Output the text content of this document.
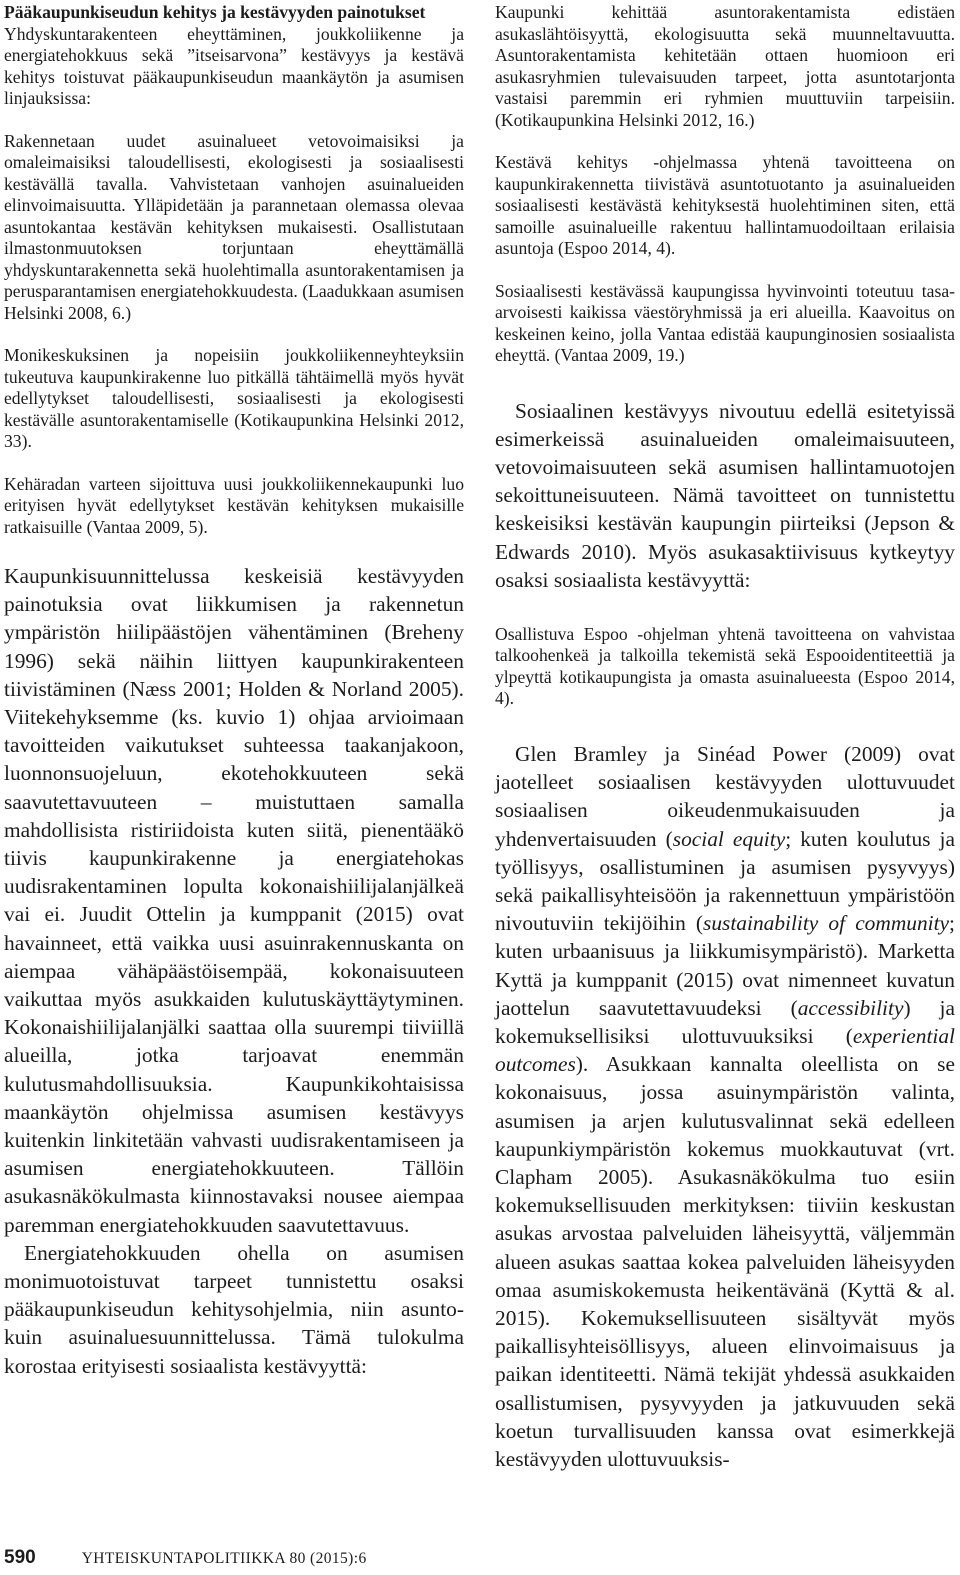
Pääkaupunkiseudun kehitys ja kestävyyden painotukset

Yhdyskuntarakenteen eheyttäminen, joukkoliikenne ja energiatehokkuus sekä ”itseisarvona” kestävyys ja kestävä kehitys toistuvat pääkaupunkiseudun maankäytön ja asumisen linjauksissa:

Rakennetaan uudet asuinalueet vetovoimaisiksi ja omaleimaisiksi taloudellisesti, ekologisesti ja sosiaalisesti kestävällä tavalla. Vahvistetaan vanhojen asuinalueiden elinvoimaisuutta. Ylläpidetään ja parannetaan olemassa olevaa asuntokantaa kestävän kehityksen mukaisesti. Osallistutaan ilmastonmuutoksen torjuntaan eheyttämällä yhdyskuntarakennetta sekä huolehtimalla asuntorakentamisen ja perusparantamisen energiatehokkuudesta. (Laadukkaan asumisen Helsinki 2008, 6.)

Monikeskuksinen ja nopeisiin joukkoliikenneyhteyksiin tukeutuva kaupunkirakenne luo pitkällä tähtäimellä myös hyvät edellytykset taloudellisesti, sosiaalisesti ja ekologisesti kestävälle asuntorakentamiselle (Kotikaupunkina Helsinki 2012, 33).

Kehäradan varteen sijoittuva uusi joukkoliikennekaupunki luo erityisen hyvät edellytykset kestävän kehityksen mukaisille ratkaisuille (Vantaa 2009, 5).

Kaupunkisuunnittelussa keskeisiä kestävyyden painotuksia ovat liikkumisen ja rakennetun ympäristön hiilipäästöjen vähentäminen (Breheny 1996) sekä näihin liittyen kaupunkirakenteen tiivistäminen (Næss 2001; Holden & Norland 2005). Viitekehyksemme (ks. kuvio 1) ohjaa arvioimaan tavoitteiden vaikutukset suhteessa taakanjakoon, luonnonsuojeluun, ekotehokkuuteen sekä saavutettavuuteen – muistuttaen samalla mahdollisista ristiriidoista kuten siitä, pienentääkö tiivis kaupunkirakenne ja energiatehokas uudisrakentaminen lopulta kokonaishiilijalanjälkeä vai ei. Juudit Ottelin ja kumppanit (2015) ovat havainneet, että vaikka uusi asuinrakennuskanta on aiempaa vähäpäästöisempää, kokonaisuuteen vaikuttaa myös asukkaiden kulutuskäyttäytyminen. Kokonaishiilijalanjälki saattaa olla suurempi tiiviillä alueilla, jotka tarjoavat enemmän kulutusmahdollisuuksia. Kaupunkikohtaisissa maankäytön ohjelmissa asumisen kestävyys kuitenkin linkitetään vahvasti uudisrakentamiseen ja asumisen energiatehokkuuteen. Tällöin asukasnäkökulmasta kiinnostavaksi nousee aiempaa paremman energiatehokkuuden saavutettavuus.

Energiatehokkuuden ohella on asumisen monimuotoistuvat tarpeet tunnistettu osaksi pääkaupunkiseudun kehitysohjelmia, niin asunto- kuin asuinaluesuunnittelussa. Tämä tulokulma korostaa erityisesti sosiaalista kestävyyttä:

Kaupunki kehittää asuntorakentamista edistäen asukaslähtöisyyttä, ekologisuutta sekä muunneltavuutta. Asuntorakentamista kehitetään ottaen huomioon eri asukasryhmien tulevaisuuden tarpeet, jotta asuntotarjonta vastaisi paremmin eri ryhmien muuttuviin tarpeisiin. (Kotikaupunkina Helsinki 2012, 16.)

Kestävä kehitys -ohjelmassa yhtenä tavoitteena on kaupunkirakennetta tiivistävä asuntotuotanto ja asuinalueiden sosiaalisesti kestävästä kehityksestä huolehtiminen siten, että samoille asuinalueille rakentuu hallintamuodoiltaan erilaisia asuntoja (Espoo 2014, 4).

Sosiaalisesti kestävässä kaupungissa hyvinvointi toteutuu tasa-arvoisesti kaikissa väestöryhmissä ja eri alueilla. Kaavoitus on keskeinen keino, jolla Vantaa edistää kaupunginosien sosiaalista eheyttä. (Vantaa 2009, 19.)

Sosiaalinen kestävyys nivoutuu edellä esitetyissä esimerkeissä asuinalueiden omaleimaisuuteen, vetovoimaisuuteen sekä asumisen hallintamuotojen sekoittuneisuuteen. Nämä tavoitteet on tunnistettu keskeisiksi kestävän kaupungin piirteiksi (Jepson & Edwards 2010). Myös asukasaktiivisuus kytkeytyy osaksi sosiaalista kestävyyttä:

Osallistuva Espoo -ohjelman yhtenä tavoitteena on vahvistaa talkoohenkeä ja talkoilla tekemistä sekä Espooidentiteettiä ja ylpeyttä kotikaupungista ja omasta asuinalueesta (Espoo 2014, 4).

Glen Bramley ja Sinéad Power (2009) ovat jaotelleet sosiaalisen kestävyyden ulottuvuudet sosiaalisen oikeudenmukaisuuden ja yhdenvertaisuuden (social equity; kuten koulutus ja työllisyys, osallistuminen ja asumisen pysyvyys) sekä paikallisyhteisöön ja rakennettuun ympäristöön nivoutuviin tekijöihin (sustainability of community; kuten urbaanisuus ja liikkumisympäristö). Marketta Kyttä ja kumppanit (2015) ovat nimenneet kuvatun jaottelun saavutettavuudeksi (accessibility) ja kokemuksellisiksi ulottuvuuksiksi (experiential outcomes). Asukkaan kannalta oleellista on se kokonaisuus, jossa asuinympäristön valinta, asumisen ja arjen kulutusvalinnat sekä edelleen kaupunkiympäristön kokemus muokkautuvat (vrt. Clapham 2005). Asukasnäkökulma tuo esiin kokemuksellisuuden merkityksen: tiiviin keskustan asukas arvostaa palveluiden läheisyyttä, väljemmän alueen asukas saattaa kokea palveluiden läheisyyden omaa asumiskokemusta heikentävänä (Kyttä & al. 2015). Kokemuksellisuuteen sisältyvät myös paikallisyhteisöllisyys, alueen elinvoimaisuus ja paikan identiteetti. Nämä tekijät yhdessä asukkaiden osallistumisen, pysyvyyden ja jatkuvuuden sekä koetun turvallisuuden kanssa ovat esimerkkejä kestävyyden ulottuvuuksis-

590	YHTEISKUNTAPOLITIIKKA 80 (2015):6
